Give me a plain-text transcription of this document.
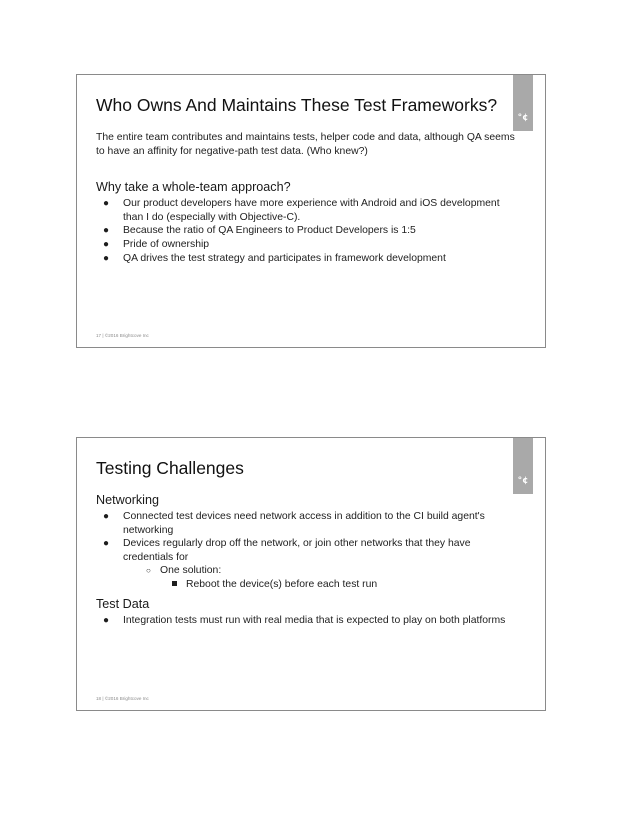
°¢
Who Owns And Maintains These Test Frameworks?

The entire team contributes and maintains tests, helper code and data, although QA seems to have an affinity for negative-path test data. (Who knew?)

Why take a whole-team approach?

● Our product developers have more experience with Android and iOS development than I do (especially with Objective-C).
● Because the ratio of QA Engineers to Product Developers is 1:5
● Pride of ownership
● QA drives the test strategy and participates in framework development
17 | ©2016 Brightcove Inc
°¢
Testing Challenges

Networking

● Connected test devices need network access in addition to the CI build agent's networking
● Devices regularly drop off the network, or join other networks that they have credentials for
○ One solution:
Reboot the device(s) before each test run

Test Data

● Integration tests must run with real media that is expected to play on both platforms
18 | ©2016 Brightcove Inc
